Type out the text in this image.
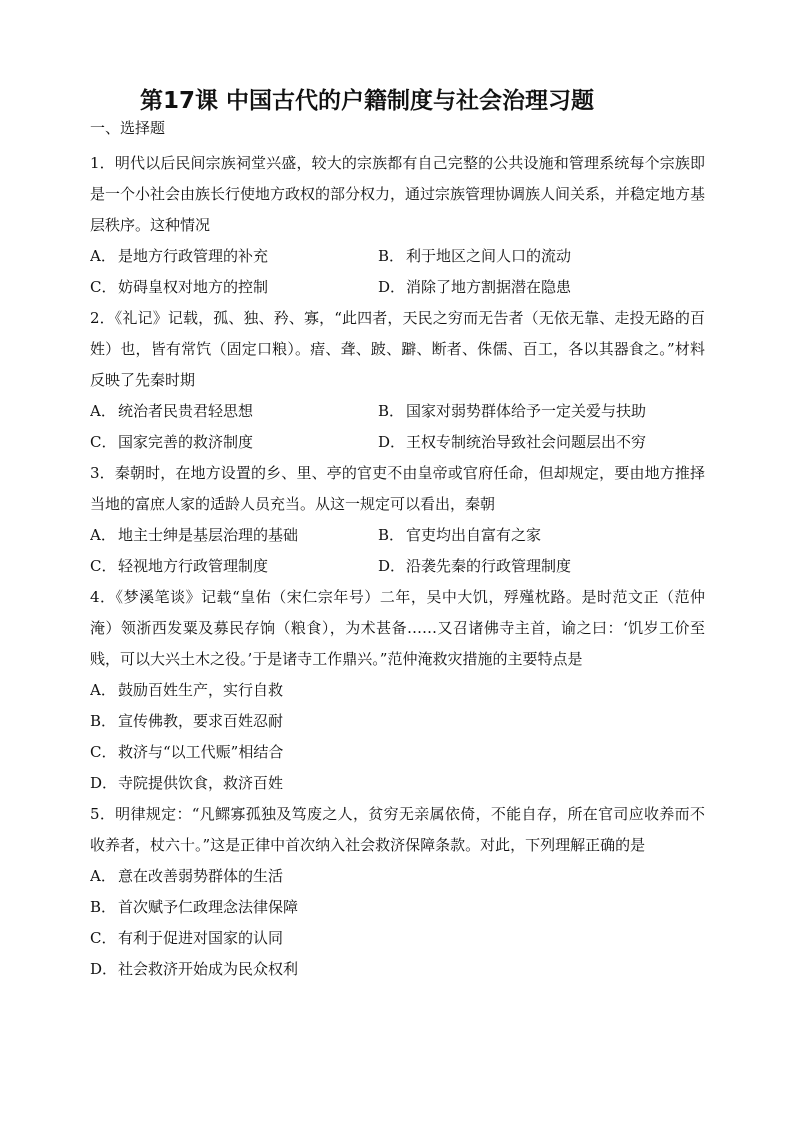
第17课 中国古代的户籍制度与社会治理习题
一、选择题

1．明代以后民间宗族祠堂兴盛，较大的宗族都有自己完整的公共设施和管理系统每个宗族即是一个小社会由族长行使地方政权的部分权力，通过宗族管理协调族人间关系，并稳定地方基层秩序。这种情况

A． 是地方行政管理的补充	B． 利于地区之间人口的流动
C． 妨碍皇权对地方的控制	D．消除了地方割据潜在隐患

2．《礼记》记载，孤、独、矜、寡，“此四者，天民之穷而无告者（无依无靠、走投无路的百姓）也，皆有常饩（固定口粮）。瘖、聋、跛、躃、断者、侏儒、百工，各以其器食之。”材料反映了先秦时期

A． 统治者民贵君轻思想	B． 国家对弱势群体给予一定关爱与扶助
C． 国家完善的救济制度	D．王权专制统治导致社会问题层出不穷

3．秦朝时，在地方设置的乡、里、亭的官吏不由皇帝或官府任命，但却规定，要由地方推择当地的富庶人家的适龄人员充当。从这一规定可以看出，秦朝

A． 地主士绅是基层治理的基础	B． 官吏均出自富有之家
C． 轻视地方行政管理制度	D．沿袭先秦的行政管理制度

4．《梦溪笔谈》记载“皇佑（宋仁宗年号）二年，吴中大饥，殍殣枕路。是时范文正（范仲淹）领浙西发粟及募民存饷（粮食），为术甚备……又召诸佛寺主首，谕之曰：‘饥岁工价至贱，可以大兴土木之役。’于是诸寺工作鼎兴。”范仲淹救灾措施的主要特点是

A． 鼓励百姓生产，实行自救
B． 宣传佛教，要求百姓忍耐
C． 救济与“以工代赈”相结合
D．寺院提供饮食，救济百姓

5．明律规定：“凡鳏寡孤独及笃废之人，贫穷无亲属依倚，不能自存，所在官司应收养而不收养者，杖六十。”这是正律中首次纳入社会救济保障条款。对此，下列理解正确的是

A． 意在改善弱势群体的生活
B． 首次赋予仁政理念法律保障
C． 有利于促进对国家的认同
D．社会救济开始成为民众权利
